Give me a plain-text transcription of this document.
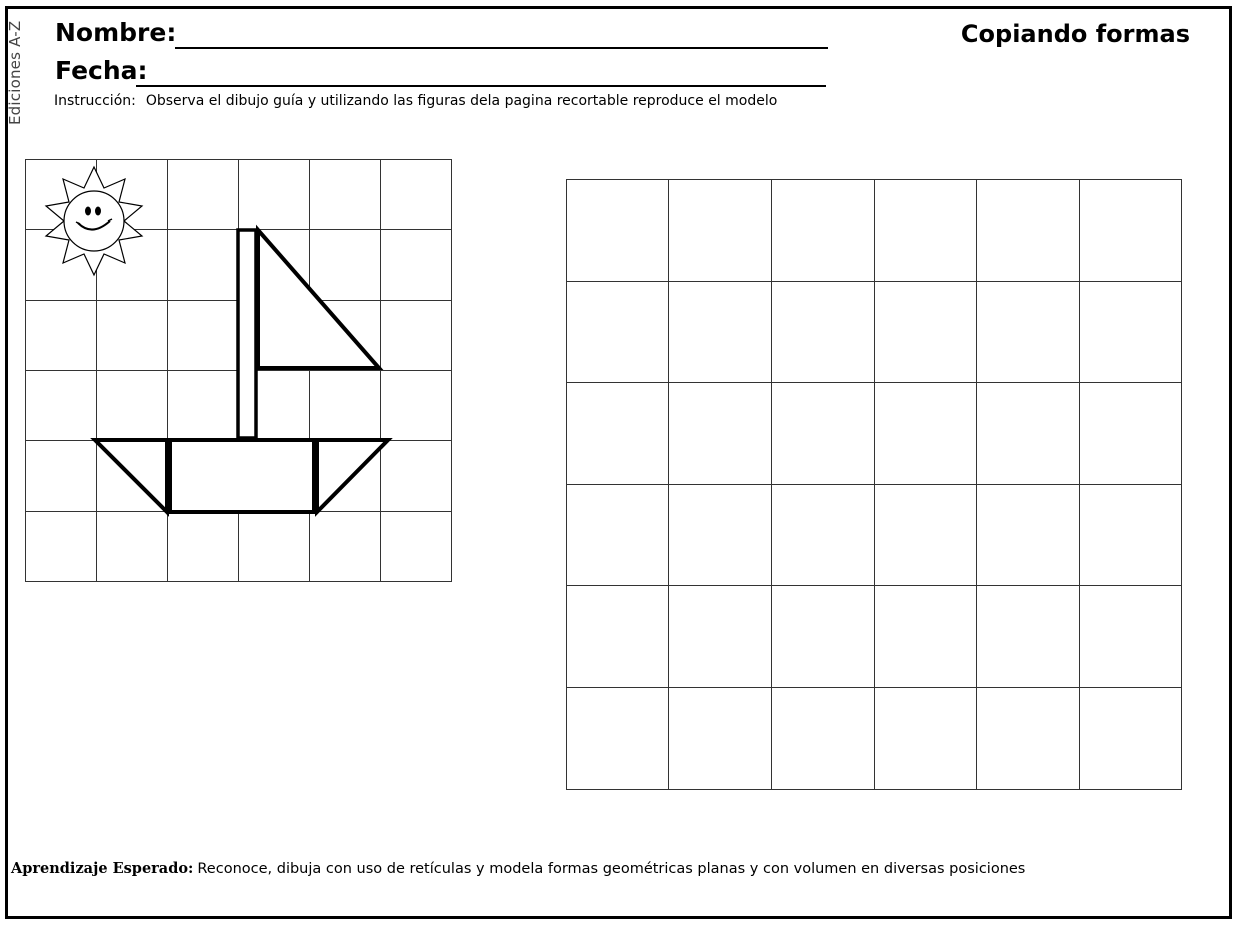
Ediciones A-Z Nombre:
Fecha:
Copiando formas
Instrucción: Observa el dibujo guía y utilizando las figuras dela pagina recortable reproduce el modelo
Aprendizaje Esperado: Reconoce, dibuja con uso de retículas y modela formas geométricas planas y con volumen en diversas posiciones
